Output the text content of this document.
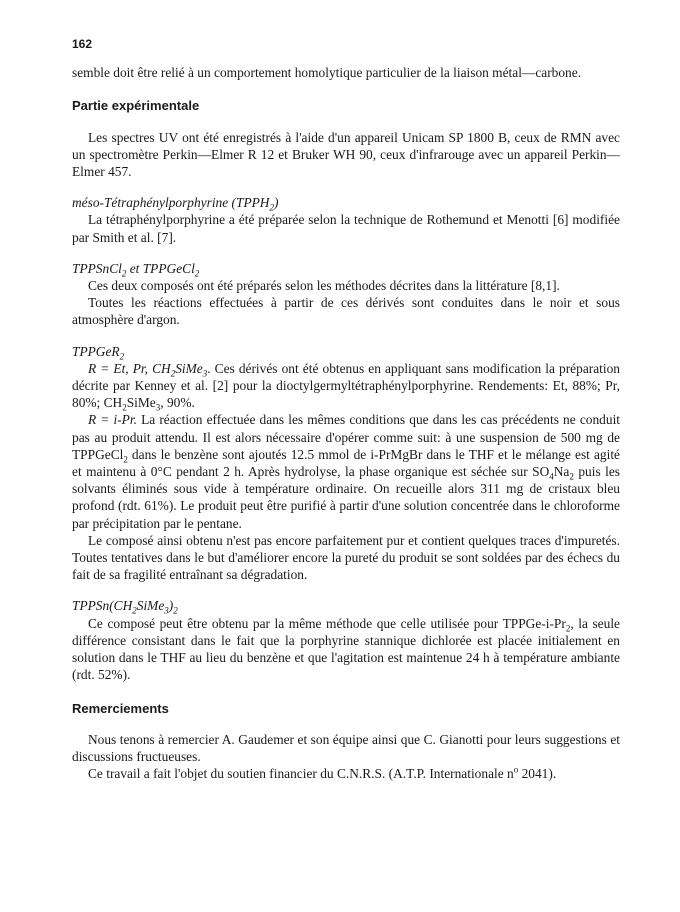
162

semble doit être relié à un comportement homolytique particulier de la liaison métal—carbone.

Partie expérimentale

Les spectres UV ont été enregistrés à l'aide d'un appareil Unicam SP 1800 B, ceux de RMN avec un spectromètre Perkin—Elmer R 12 et Bruker WH 90, ceux d'infrarouge avec un appareil Perkin—Elmer 457.

méso-Tétraphénylporphyrine $(TPPH_2)$

La tétraphénylporphyrine a été préparée selon la technique de Rothemund et Menotti [6] modifiée par Smith et al. [7].

TPPSnCl$_2$ et TPPGeCl$_2$

Ces deux composés ont été préparés selon les méthodes décrites dans la littérature [8,1].

Toutes les réactions effectuées à partir de ces dérivés sont conduites dans le noir et sous atmosphère d'argon.

TPPGeR$_2$

R = Et, Pr, $CH_2SiMe_3$. Ces dérivés ont été obtenus en appliquant sans modification la préparation décrite par Kenney et al. [2] pour la dioctylgermyltétraphénylporphyrine. Rendements: Et, 88%; Pr, 80%; $CH_2SiMe_3$, 90%.

R = i-Pr. La réaction effectuée dans les mêmes conditions que dans les cas précédents ne conduit pas au produit attendu. Il est alors nécessaire d'opérer comme suit: à une suspension de 500 mg de TPPGeCl$_2$ dans le benzène sont ajoutés 12.5 mmol de i-PrMgBr dans le THF et le mélange est agité et maintenu à 0°C pendant 2 h. Après hydrolyse, la phase organique est séchée sur $SO_4Na_2$ puis les solvants éliminés sous vide à température ordinaire. On recueille alors 311 mg de cristaux bleu profond (rdt. 61%). Le produit peut être purifié à partir d'une solution concentrée dans le chloroforme par précipitation par le pentane.

Le composé ainsi obtenu n'est pas encore parfaitement pur et contient quelques traces d'impuretés. Toutes tentatives dans le but d'améliorer encore la pureté du produit se sont soldées par des échecs du fait de sa fragilité entraînant sa dégradation.

$TPPSn(CH_2SiMe_3)_2$

Ce composé peut être obtenu par la même méthode que celle utilisée pour TPPGe-$i-Pr_2$, la seule différence consistant dans le fait que la porphyrine stannique dichlorée est placée initialement en solution dans le THF au lieu du benzène et que l'agitation est maintenue 24 h à température ambiante (rdt. 52%).

Remerciements

Nous tenons à remercier A. Gaudemer et son équipe ainsi que C. Gianotti pour leurs suggestions et discussions fructueuses.

Ce travail a fait l'objet du soutien financier du C.N.R.S. (A.T.P. Internationale $n^o$ 2041).
